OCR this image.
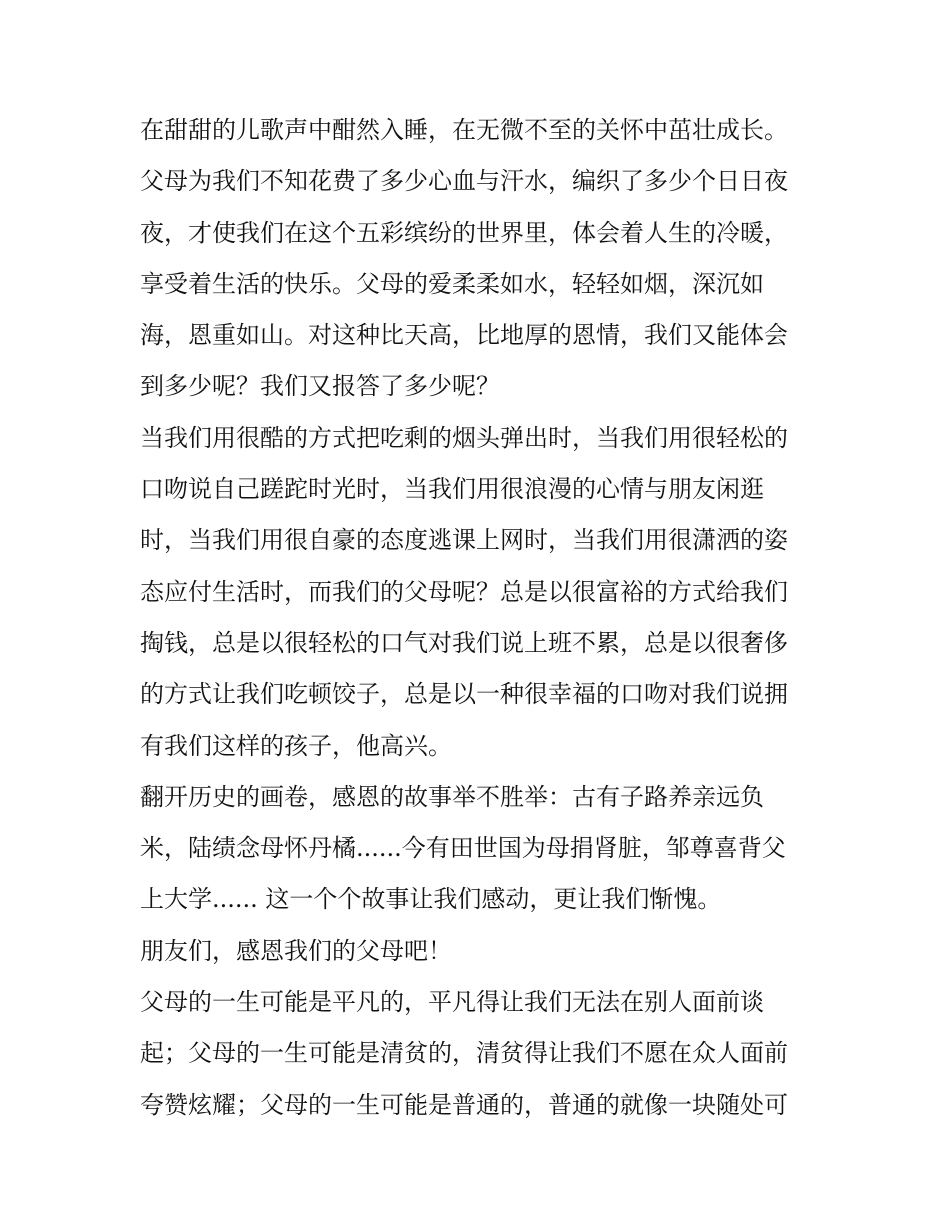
在甜甜的儿歌声中酣然入睡，在无微不至的关怀中茁壮成长。
父母为我们不知花费了多少心血与汗水，编织了多少个日日夜
夜，才使我们在这个五彩缤纷的世界里，体会着人生的冷暖，
享受着生活的快乐。父母的爱柔柔如水，轻轻如烟，深沉如
海，恩重如山。对这种比天高，比地厚的恩情，我们又能体会
到多少呢？我们又报答了多少呢？
当我们用很酷的方式把吃剩的烟头弹出时，当我们用很轻松的
口吻说自己蹉跎时光时，当我们用很浪漫的心情与朋友闲逛
时，当我们用很自豪的态度逃课上网时，当我们用很潇洒的姿
态应付生活时，而我们的父母呢？总是以很富裕的方式给我们
掏钱，总是以很轻松的口气对我们说上班不累，总是以很奢侈
的方式让我们吃顿饺子，总是以一种很幸福的口吻对我们说拥
有我们这样的孩子，他高兴。
翻开历史的画卷，感恩的故事举不胜举：古有子路养亲远负
米，陆绩念母怀丹橘......今有田世国为母捐肾脏，邹尊喜背父
上大学...... 这一个个故事让我们感动，更让我们惭愧。
朋友们，感恩我们的父母吧！
父母的一生可能是平凡的，平凡得让我们无法在别人面前谈
起；父母的一生可能是清贫的，清贫得让我们不愿在众人面前
夸赞炫耀；父母的一生可能是普通的，普通的就像一块随处可
